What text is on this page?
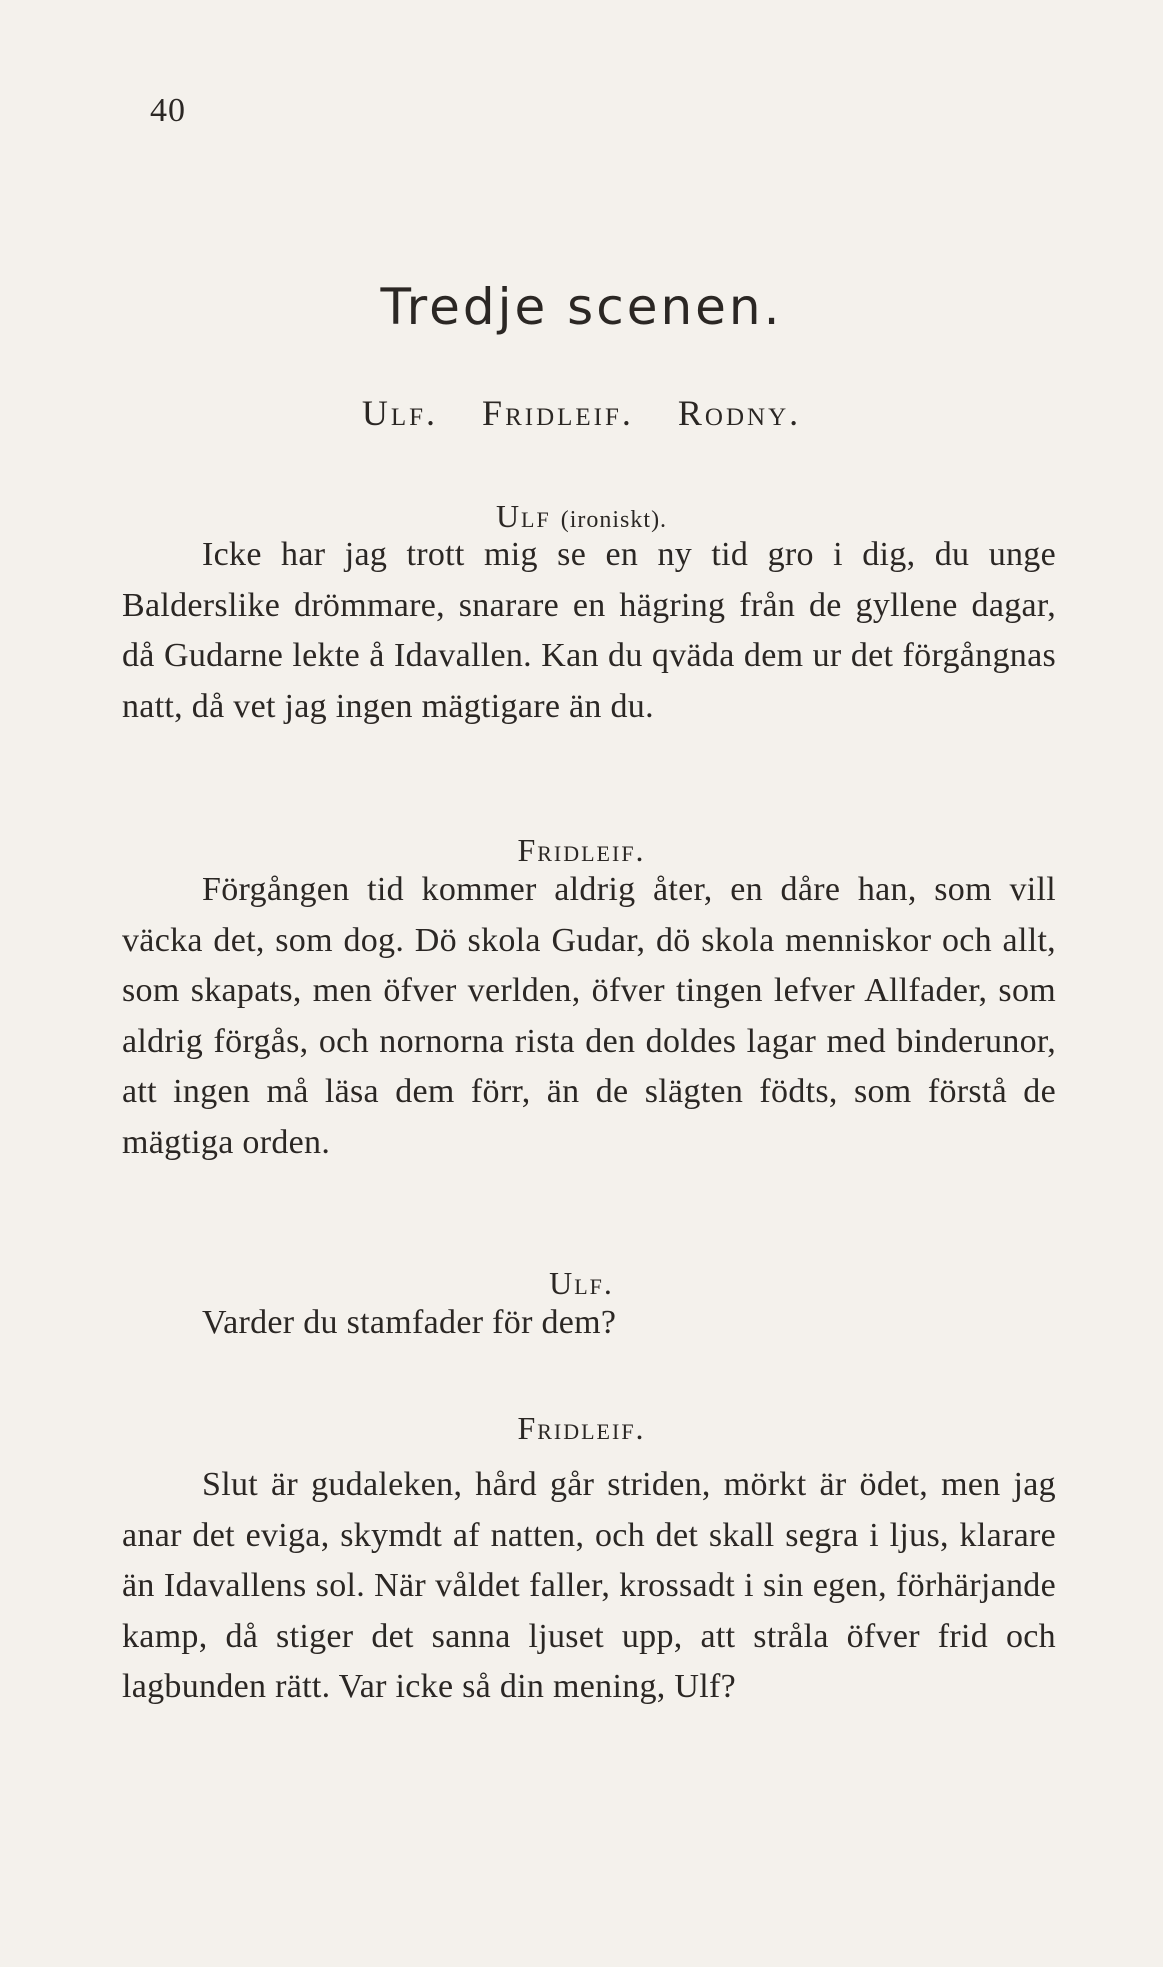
40
Tredje scenen.
Ulf. Fridleif. Rodny.
Ulf (ironiskt).

Icke har jag trott mig se en ny tid gro i dig, du unge Balderslike drömmare, snarare en hägring från de gyllene dagar, då Gudarne lekte å Idavallen. Kan du qväda dem ur det förgångnas natt, då vet jag ingen mägtigare än du.

Fridleif.

Förgången tid kommer aldrig åter, en dåre han, som vill väcka det, som dog. Dö skola Gudar, dö skola menniskor och allt, som skapats, men öfver verlden, öfver tingen lefver Allfader, som aldrig förgås, och nornorna rista den doldes lagar med binderunor, att ingen må läsa dem förr, än de slägten födts, som förstå de mägtiga orden.

Ulf.

Varder du stamfader för dem?

Fridleif.

Slut är gudaleken, hård går striden, mörkt är ödet, men jag anar det eviga, skymdt af natten, och det skall segra i ljus, klarare än Idavallens sol. När våldet faller, krossadt i sin egen, förhärjande kamp, då stiger det sanna ljuset upp, att stråla öfver frid och lagbunden rätt. Var icke så din mening, Ulf?
